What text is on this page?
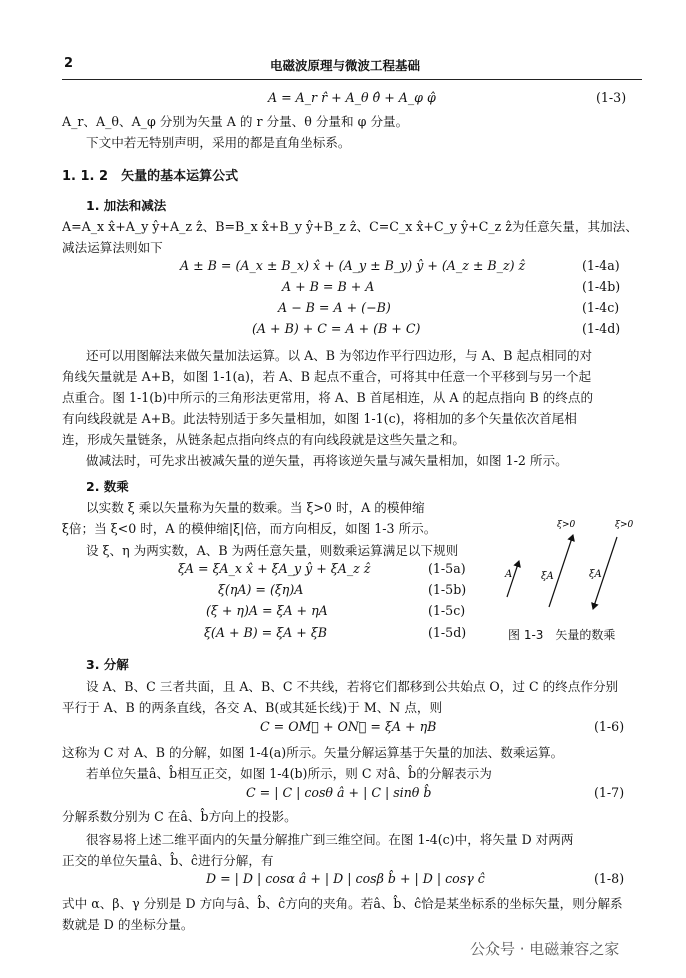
2	电磁波原理与微波工程基础
A = A_r r̂ + A_θ θ̂ + A_φ φ̂	(1-3)
A_r、A_θ、A_φ 分别为矢量 A 的 r 分量、θ 分量和 φ 分量。
下文中若无特别声明，采用的都是直角坐标系。
1. 1. 2　矢量的基本运算公式
1. 加法和减法
A=A_x x̂+A_y ŷ+A_z ẑ、B=B_x x̂+B_y ŷ+B_z ẑ、C=C_x x̂+C_y ŷ+C_z ẑ为任意矢量，其加法、
减法运算法则如下
A ± B = (A_x ± B_x) x̂ + (A_y ± B_y) ŷ + (A_z ± B_z) ẑ	(1-4a)
A + B = B + A	(1-4b)
A − B = A + (−B)	(1-4c)
(A + B) + C = A + (B + C)	(1-4d)
还可以用图解法来做矢量加法运算。以 A、B 为邻边作平行四边形，与 A、B 起点相同的对
角线矢量就是 A+B，如图 1-1(a)，若 A、B 起点不重合，可将其中任意一个平移到与另一个起
点重合。图 1-1(b)中所示的三角形法更常用，将 A、B 首尾相连，从 A 的起点指向 B 的终点的
有向线段就是 A+B。此法特别适于多矢量相加，如图 1-1(c)，将相加的多个矢量依次首尾相
连，形成矢量链条，从链条起点指向终点的有向线段就是这些矢量之和。
做减法时，可先求出被减矢量的逆矢量，再将该逆矢量与减矢量相加，如图 1-2 所示。
2. 数乘
以实数 ξ 乘以矢量称为矢量的数乘。当 ξ>0 时，A 的模伸缩
ξ倍；当 ξ<0 时，A 的模伸缩|ξ|倍，而方向相反，如图 1-3 所示。
设 ξ、η 为两实数，A、B 为两任意矢量，则数乘运算满足以下规则
ξA = ξA_x x̂ + ξA_y ŷ + ξA_z ẑ	(1-5a)
ξ(ηA) = (ξη)A	(1-5b)
(ξ + η)A = ξA + ηA	(1-5c)
ξ(A + B) = ξA + ξB	(1-5d)
ξ>0	ξ>0
A	ξA	ξA
图 1-3　矢量的数乘
3. 分解
设 A、B、C 三者共面，且 A、B、C 不共线，若将它们都移到公共始点 O，过 C 的终点作分别
平行于 A、B 的两条直线，各交 A、B(或其延长线)于 M、N 点，则
C = OM⃗ + ON⃗ = ξA + ηB	(1-6)
这称为 C 对 A、B 的分解，如图 1-4(a)所示。矢量分解运算基于矢量的加法、数乘运算。
若单位矢量â、b̂相互正交，如图 1-4(b)所示，则 C 对â、b̂的分解表示为
C = | C | cosθ â + | C | sinθ b̂	(1-7)
分解系数分别为 C 在â、b̂方向上的投影。
很容易将上述二维平面内的矢量分解推广到三维空间。在图 1-4(c)中，将矢量 D 对两两
正交的单位矢量â、b̂、ĉ进行分解，有
D = | D | cosα â + | D | cosβ b̂ + | D | cosγ ĉ	(1-8)
式中 α、β、γ 分别是 D 方向与â、b̂、ĉ方向的夹角。若â、b̂、ĉ恰是某坐标系的坐标矢量，则分解系
数就是 D 的坐标分量。
公众号 · 电磁兼容之家
